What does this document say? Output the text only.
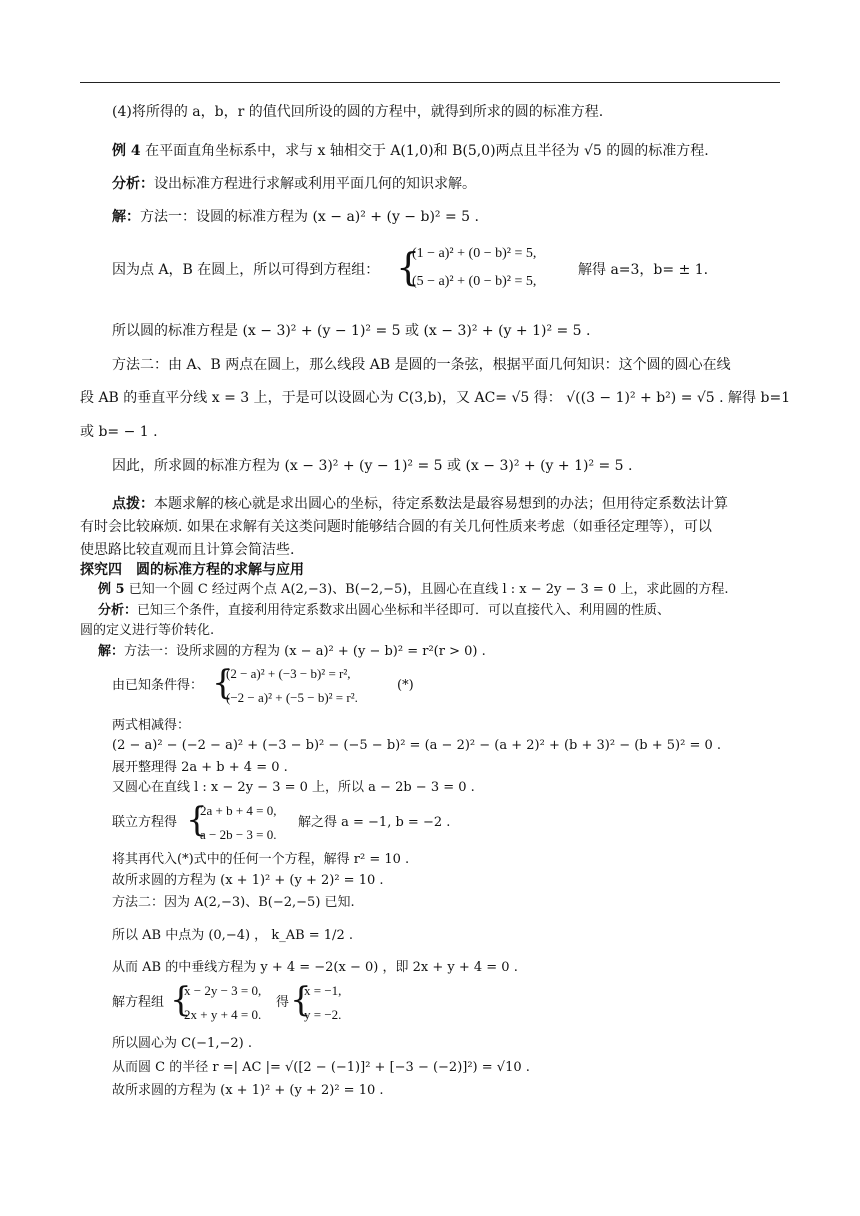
(4)将所得的 a，b，r 的值代回所设的圆的方程中，就得到所求的圆的标准方程.
例 4 在平面直角坐标系中，求与 x 轴相交于 A(1,0)和 B(5,0)两点且半径为 √5 的圆的标准方程.
分析：设出标准方程进行求解或利用平面几何的知识求解。
解：方法一：设圆的标准方程为 (x − a)² + (y − b)² = 5 .
因为点 A，B 在圆上，所以可得到方程组： {
(1 − a)² + (0 − b)² = 5,
(5 − a)² + (0 − b)² = 5,
解得 a=3，b= ± 1.
所以圆的标准方程是 (x − 3)² + (y − 1)² = 5 或 (x − 3)² + (y + 1)² = 5 .
方法二：由 A、B 两点在圆上，那么线段 AB 是圆的一条弦，根据平面几何知识：这个圆的圆心在线
段 AB 的垂直平分线 x = 3 上，于是可以设圆心为 C(3,b)，又 AC= √5 得： √((3 − 1)² + b²) = √5 . 解得 b=1
或 b= − 1 .
因此，所求圆的标准方程为 (x − 3)² + (y − 1)² = 5 或 (x − 3)² + (y + 1)² = 5 .
点拨：本题求解的核心就是求出圆心的坐标，待定系数法是最容易想到的办法；但用待定系数法计算
有时会比较麻烦. 如果在求解有关这类问题时能够结合圆的有关几何性质来考虑（如垂径定理等），可以
使思路比较直观而且计算会简洁些.
探究四　圆的标准方程的求解与应用
例 5 已知一个圆 C 经过两个点 A(2,−3)、B(−2,−5)，且圆心在直线 l : x − 2y − 3 = 0 上，求此圆的方程.
分析：已知三个条件，直接利用待定系数求出圆心坐标和半径即可．可以直接代入、利用圆的性质、
圆的定义进行等价转化.
解：方法一：设所求圆的方程为 (x − a)² + (y − b)² = r²(r > 0) .
由已知条件得： {
(2 − a)² + (−3 − b)² = r²,
(−2 − a)² + (−5 − b)² = r².
(*)
两式相减得：
(2 − a)² − (−2 − a)² + (−3 − b)² − (−5 − b)² = (a − 2)² − (a + 2)² + (b + 3)² − (b + 5)² = 0 .
展开整理得 2a + b + 4 = 0 .
又圆心在直线 l : x − 2y − 3 = 0 上，所以 a − 2b − 3 = 0 .
联立方程得 {
2a + b + 4 = 0,
a − 2b − 3 = 0.
解之得 a = −1, b = −2 .
将其再代入(*)式中的任何一个方程，解得 r² = 10 .
故所求圆的方程为 (x + 1)² + (y + 2)² = 10 .
方法二：因为 A(2,−3)、B(−2,−5) 已知.
所以 AB 中点为 (0,−4) ， k_AB = 1/2 .
从而 AB 的中垂线方程为 y + 4 = −2(x − 0) ，即 2x + y + 4 = 0 .
解方程组 {
x − 2y − 3 = 0,
2x + y + 4 = 0.
得 {
x = −1,
y = −2.
所以圆心为 C(−1,−2) .
从而圆 C 的半径 r =| AC |= √([2 − (−1)]² + [−3 − (−2)]²) = √10 .
故所求圆的方程为 (x + 1)² + (y + 2)² = 10 .
